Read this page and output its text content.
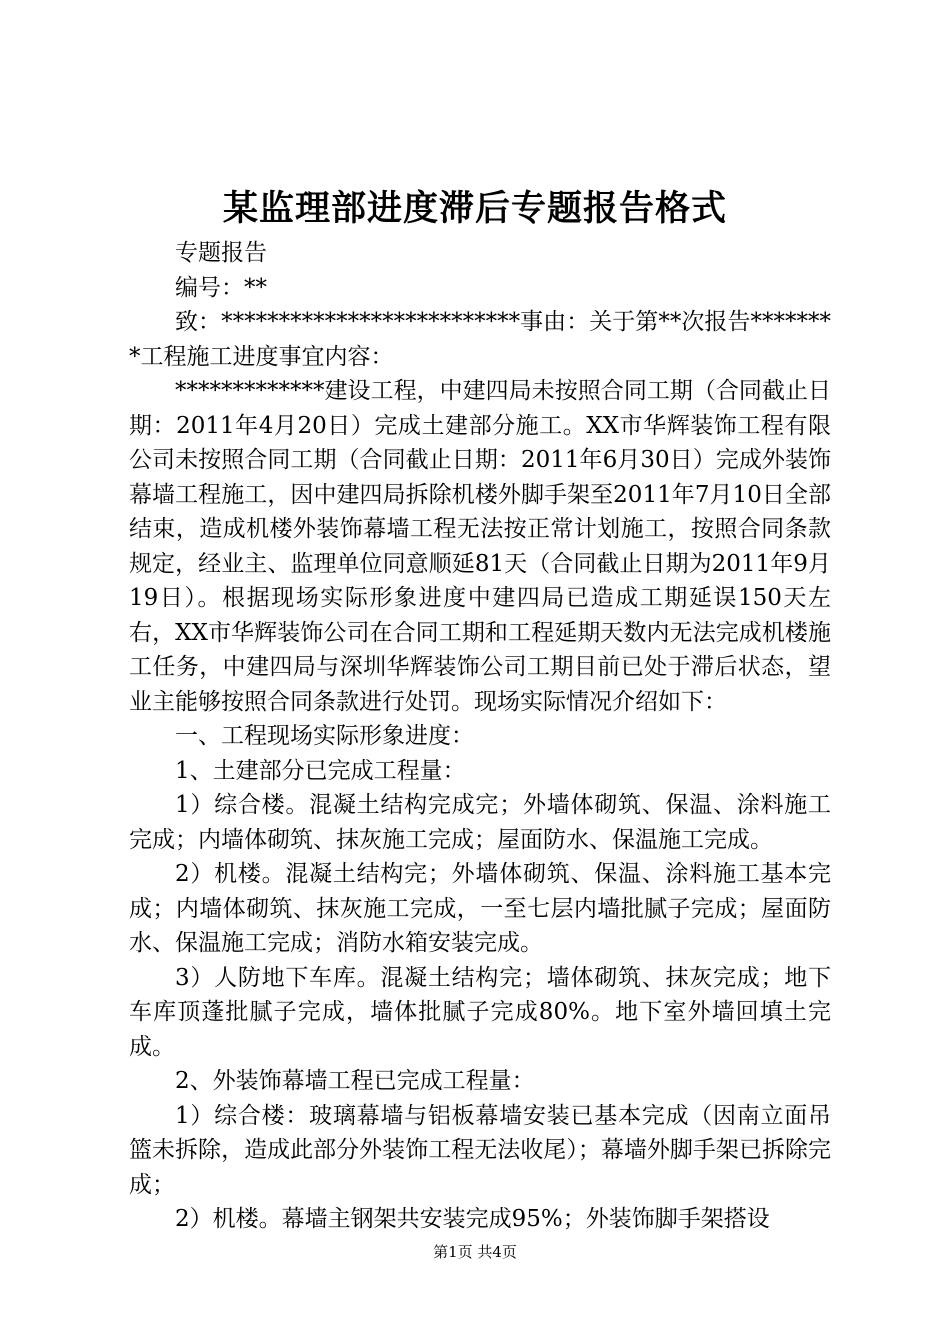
某监理部进度滞后专题报告格式

专题报告

编号：**

致：**************************事由：关于第**次报告********工程施工进度事宜内容：

*************建设工程，中建四局未按照合同工期（合同截止日期：2011年4月20日）完成土建部分施工。XX市华辉装饰工程有限公司未按照合同工期（合同截止日期：2011年6月30日）完成外装饰幕墙工程施工，因中建四局拆除机楼外脚手架至2011年7月10日全部结束，造成机楼外装饰幕墙工程无法按正常计划施工，按照合同条款规定，经业主、监理单位同意顺延81天（合同截止日期为2011年9月19日）。根据现场实际形象进度中建四局已造成工期延误150天左右，XX市华辉装饰公司在合同工期和工程延期天数内无法完成机楼施工任务，中建四局与深圳华辉装饰公司工期目前已处于滞后状态，望业主能够按照合同条款进行处罚。现场实际情况介绍如下：

一、工程现场实际形象进度：

1、土建部分已完成工程量：

1）综合楼。混凝土结构完成完；外墙体砌筑、保温、涂料施工完成；内墙体砌筑、抹灰施工完成；屋面防水、保温施工完成。

2）机楼。混凝土结构完；外墙体砌筑、保温、涂料施工基本完成；内墙体砌筑、抹灰施工完成，一至七层内墙批腻子完成；屋面防水、保温施工完成；消防水箱安装完成。

3）人防地下车库。混凝土结构完；墙体砌筑、抹灰完成；地下车库顶蓬批腻子完成，墙体批腻子完成80%。地下室外墙回填土完成。

2、外装饰幕墙工程已完成工程量：

1）综合楼：玻璃幕墙与铝板幕墙安装已基本完成（因南立面吊篮未拆除，造成此部分外装饰工程无法收尾）；幕墙外脚手架已拆除完成；

2）机楼。幕墙主钢架共安装完成95%；外装饰脚手架搭设

第1页 共4页
